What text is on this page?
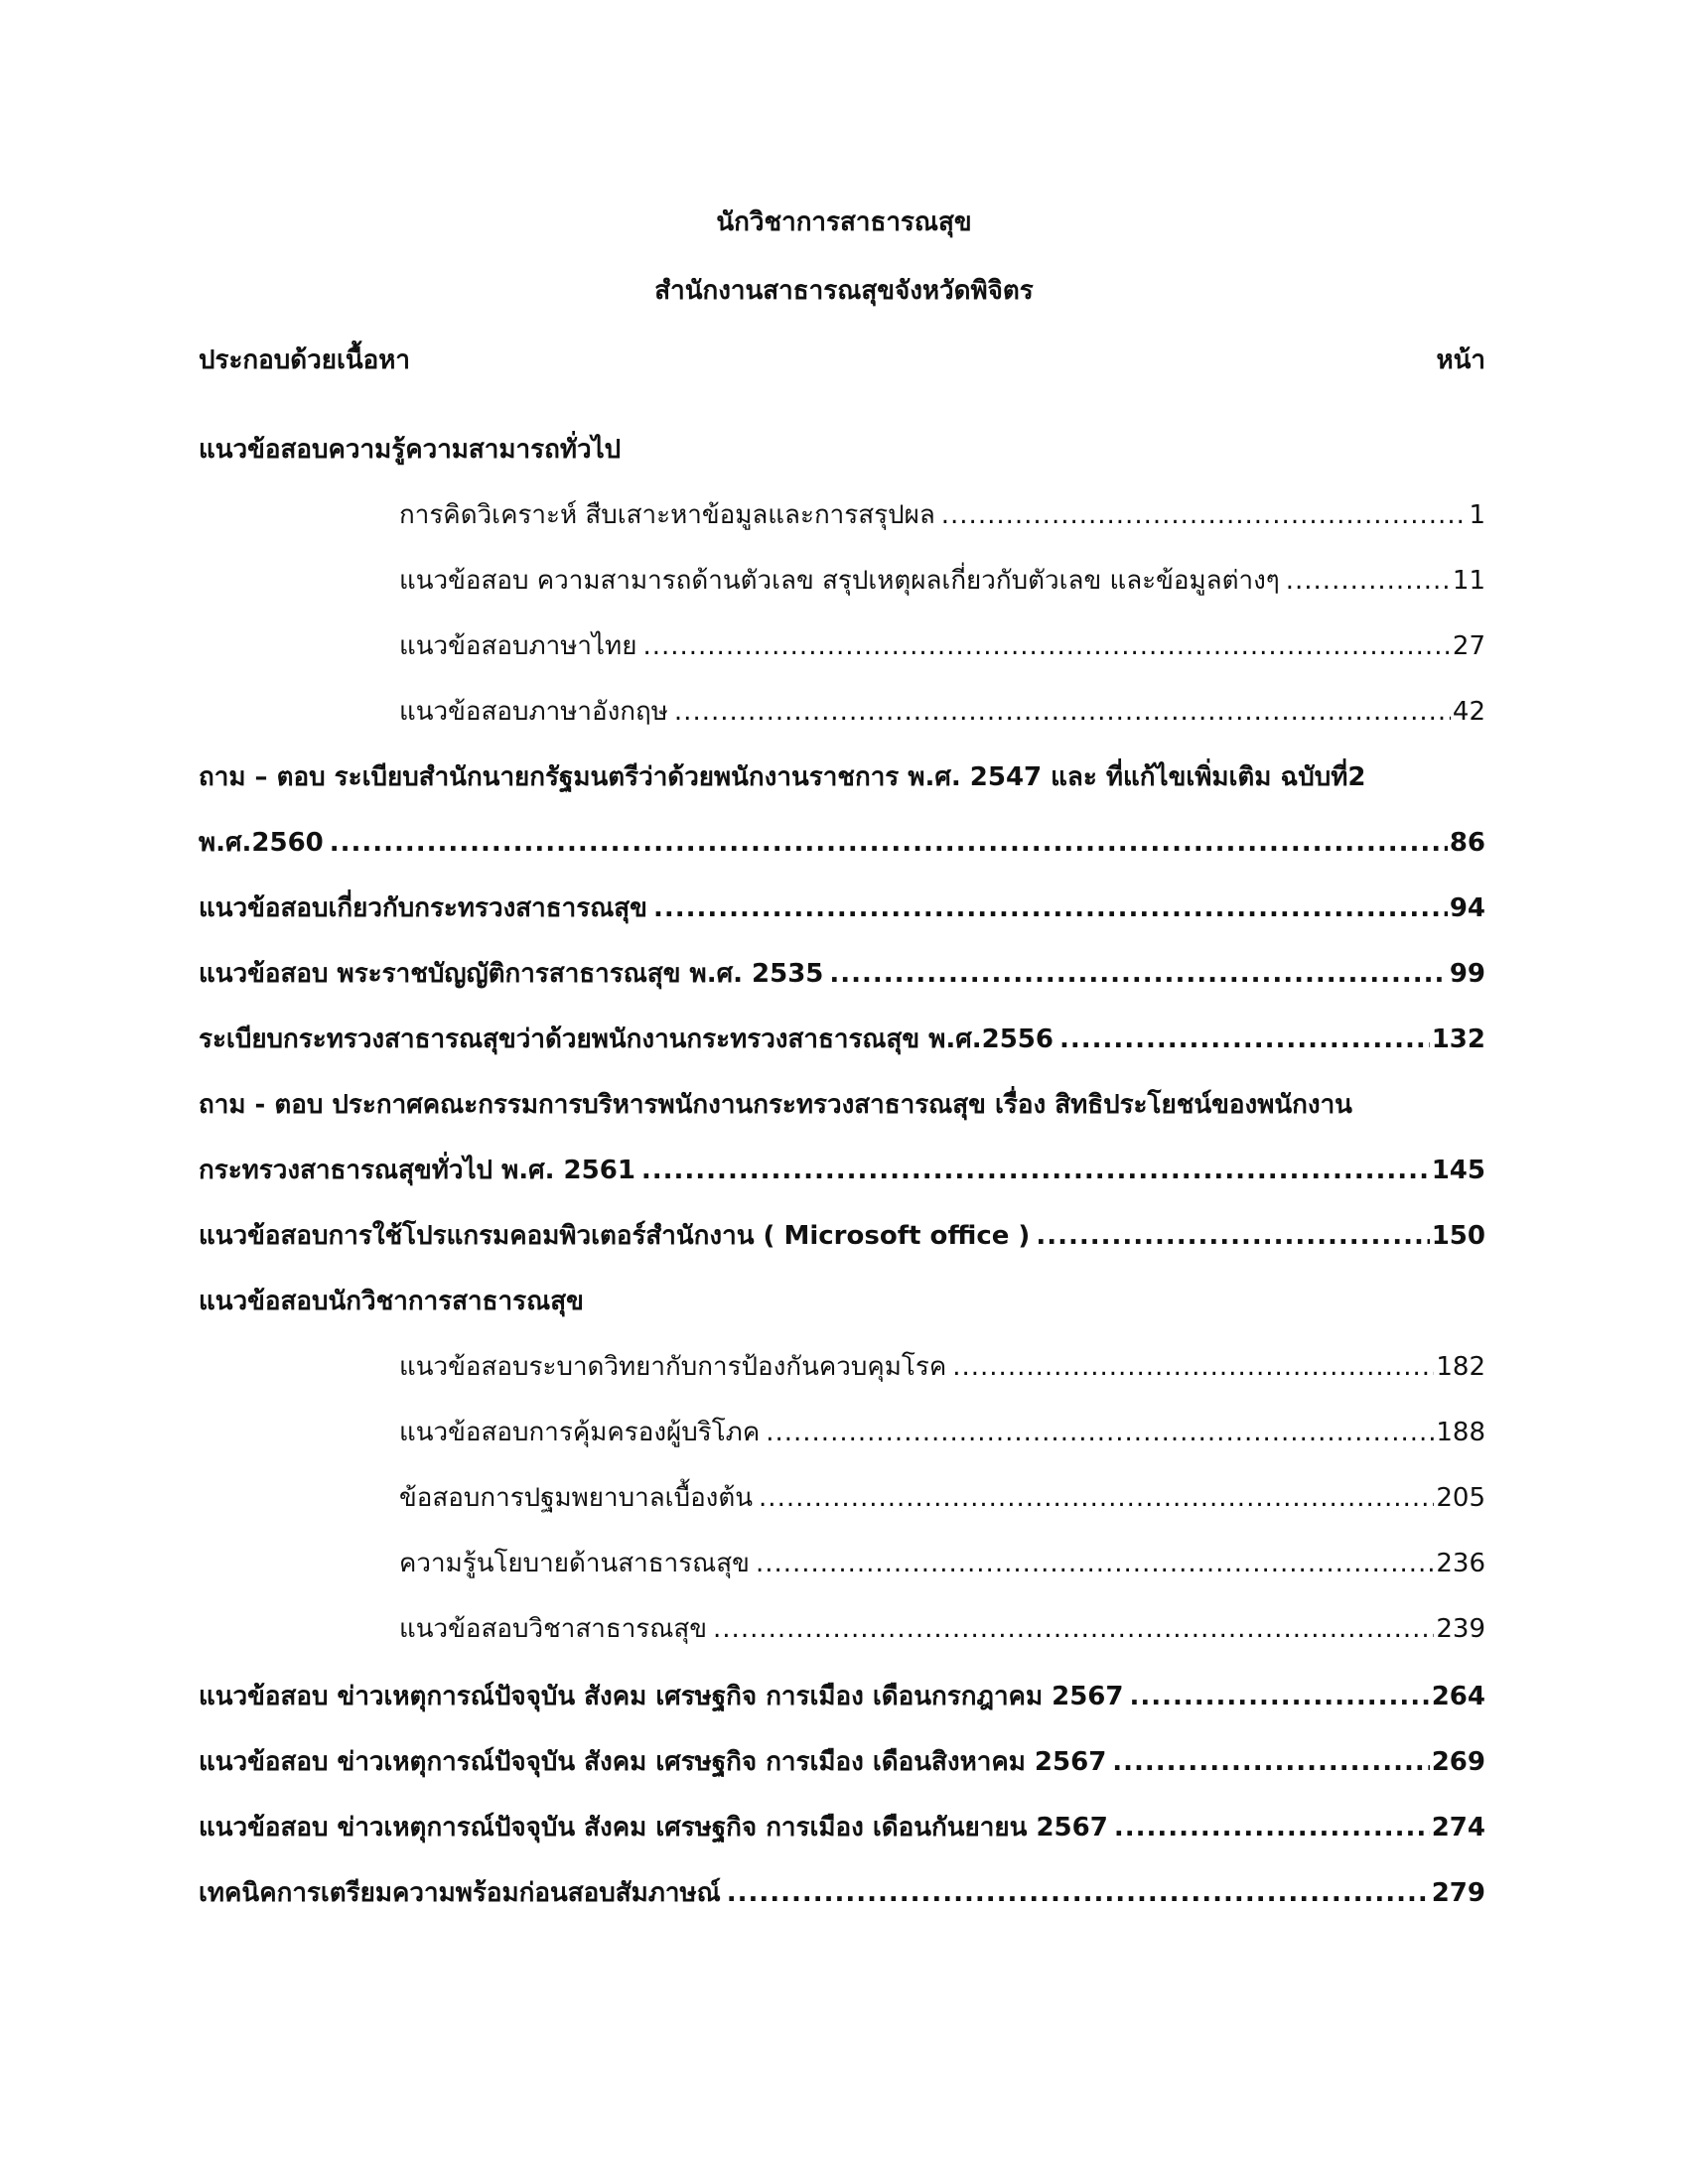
นักวิชาการสาธารณสุข
สำนักงานสาธารณสุขจังหวัดพิจิตร
ประกอบด้วยเนื้อหา	หน้า
แนวข้อสอบความรู้ความสามารถทั่วไป
การคิดวิเคราะห์ สืบเสาะหาข้อมูลและการสรุปผล .....	1
แนวข้อสอบ ความสามารถด้านตัวเลข สรุปเหตุผลเกี่ยวกับตัวเลข และข้อมูลต่างๆ .....	11
แนวข้อสอบภาษาไทย .....	27
แนวข้อสอบภาษาอังกฤษ .....	42
ถาม – ตอบ ระเบียบสำนักนายกรัฐมนตรีว่าด้วยพนักงานราชการ พ.ศ. 2547 และ ที่แก้ไขเพิ่มเติม ฉบับที่2
พ.ศ.2560 .....	86
แนวข้อสอบเกี่ยวกับกระทรวงสาธารณสุข .....	94
แนวข้อสอบ พระราชบัญญัติการสาธารณสุข พ.ศ. 2535 .....	99
ระเบียบกระทรวงสาธารณสุขว่าด้วยพนักงานกระทรวงสาธารณสุข พ.ศ.2556 .....	132
ถาม - ตอบ ประกาศคณะกรรมการบริหารพนักงานกระทรวงสาธารณสุข เรื่อง สิทธิประโยชน์ของพนักงาน
กระทรวงสาธารณสุขทั่วไป พ.ศ. 2561 .....	145
แนวข้อสอบการใช้โปรแกรมคอมพิวเตอร์สำนักงาน ( Microsoft office ) .....	150
แนวข้อสอบนักวิชาการสาธารณสุข
แนวข้อสอบระบาดวิทยากับการป้องกันควบคุมโรค .....	182
แนวข้อสอบการคุ้มครองผู้บริโภค .....	188
ข้อสอบการปฐมพยาบาลเบื้องต้น .....	205
ความรู้นโยบายด้านสาธารณสุข .....	236
แนวข้อสอบวิชาสาธารณสุข .....	239
แนวข้อสอบ ข่าวเหตุการณ์ปัจจุบัน สังคม เศรษฐกิจ การเมือง เดือนกรกฎาคม 2567 .....	264
แนวข้อสอบ ข่าวเหตุการณ์ปัจจุบัน สังคม เศรษฐกิจ การเมือง เดือนสิงหาคม 2567 .....	269
แนวข้อสอบ ข่าวเหตุการณ์ปัจจุบัน สังคม เศรษฐกิจ การเมือง เดือนกันยายน 2567 .....	274
เทคนิคการเตรียมความพร้อมก่อนสอบสัมภาษณ์ .....	279
